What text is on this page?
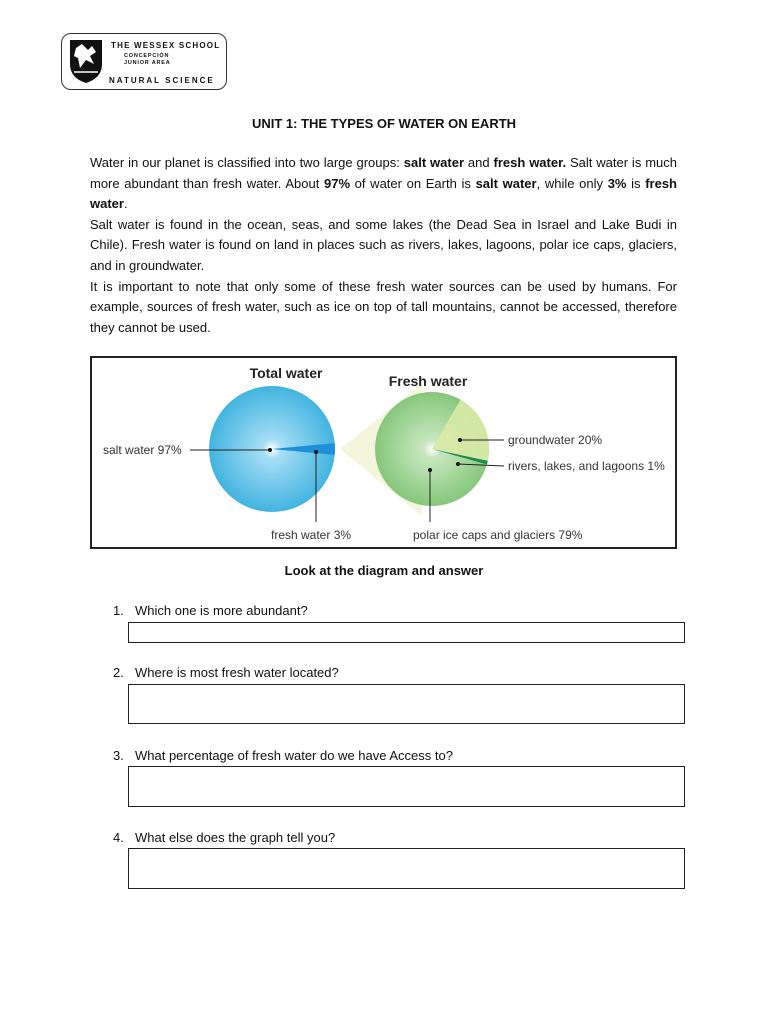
THE WESSEX SCHOOL
CONCEPCIÓN
JUNIOR AREA
NATURAL SCIENCE
UNIT 1: THE TYPES OF WATER ON EARTH

Water in our planet is classified into two large groups: salt water and fresh water. Salt water is much more abundant than fresh water. About 97% of water on Earth is salt water, while only 3% is fresh water.

Salt water is found in the ocean, seas, and some lakes (the Dead Sea in Israel and Lake Budi in Chile). Fresh water is found on land in places such as rivers, lakes, lagoons, polar ice caps, glaciers, and in groundwater.

It is important to note that only some of these fresh water sources can be used by humans. For example, sources of fresh water, such as ice on top of tall mountains, cannot be accessed, therefore they cannot be used.

Total water	Fresh water
salt water 97%
fresh water 3%	polar ice caps and glaciers 79%
groundwater 20%
rivers, lakes, and lagoons 1%
Look at the diagram and answer
1. Which one is more abundant?
2. Where is most fresh water located?
3. What percentage of fresh water do we have Access to?
4. What else does the graph tell you?
